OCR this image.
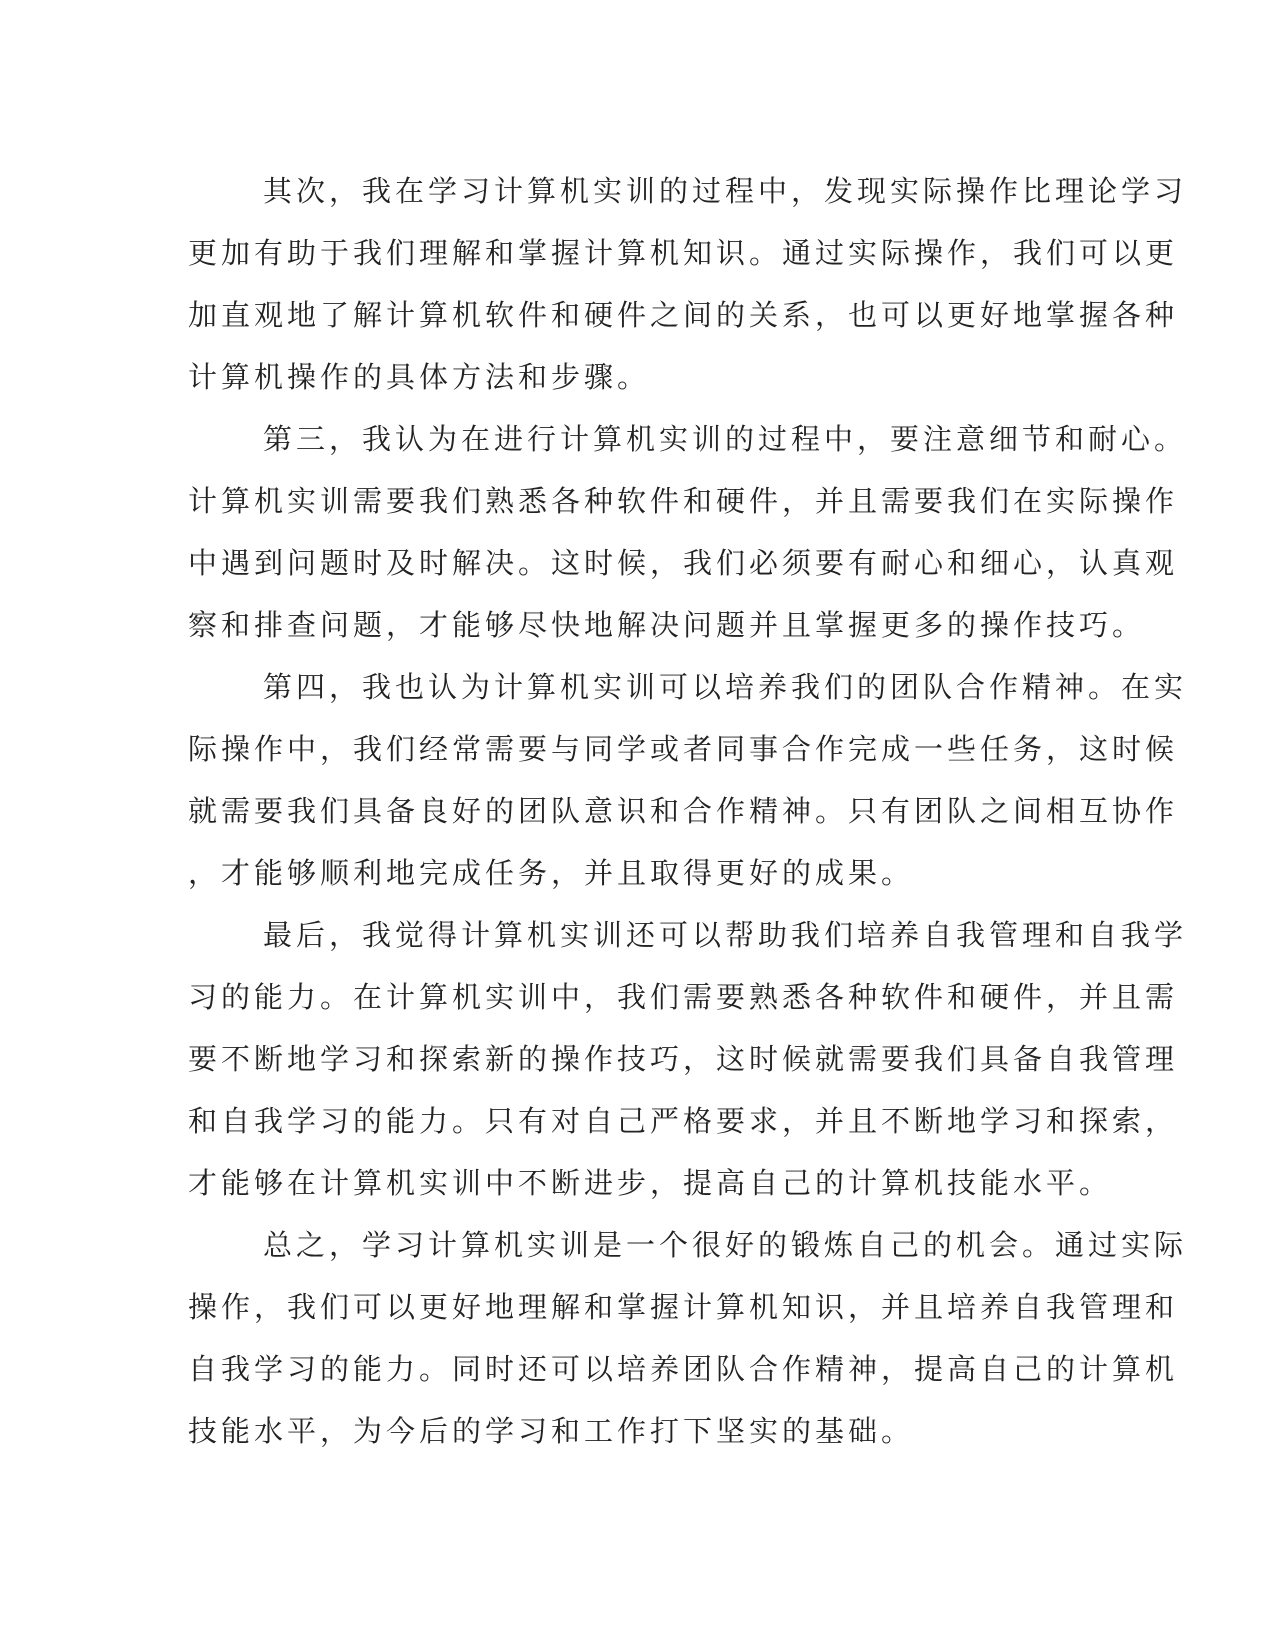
其次，我在学习计算机实训的过程中，发现实际操作比理论学习
更加有助于我们理解和掌握计算机知识。通过实际操作，我们可以更
加直观地了解计算机软件和硬件之间的关系，也可以更好地掌握各种
计算机操作的具体方法和步骤。

第三，我认为在进行计算机实训的过程中，要注意细节和耐心。
计算机实训需要我们熟悉各种软件和硬件，并且需要我们在实际操作
中遇到问题时及时解决。这时候，我们必须要有耐心和细心，认真观
察和排查问题，才能够尽快地解决问题并且掌握更多的操作技巧。

第四，我也认为计算机实训可以培养我们的团队合作精神。在实
际操作中，我们经常需要与同学或者同事合作完成一些任务，这时候
就需要我们具备良好的团队意识和合作精神。只有团队之间相互协作
，才能够顺利地完成任务，并且取得更好的成果。

最后，我觉得计算机实训还可以帮助我们培养自我管理和自我学
习的能力。在计算机实训中，我们需要熟悉各种软件和硬件，并且需
要不断地学习和探索新的操作技巧，这时候就需要我们具备自我管理
和自我学习的能力。只有对自己严格要求，并且不断地学习和探索，
才能够在计算机实训中不断进步，提高自己的计算机技能水平。

总之，学习计算机实训是一个很好的锻炼自己的机会。通过实际
操作，我们可以更好地理解和掌握计算机知识，并且培养自我管理和
自我学习的能力。同时还可以培养团队合作精神，提高自己的计算机
技能水平，为今后的学习和工作打下坚实的基础。
